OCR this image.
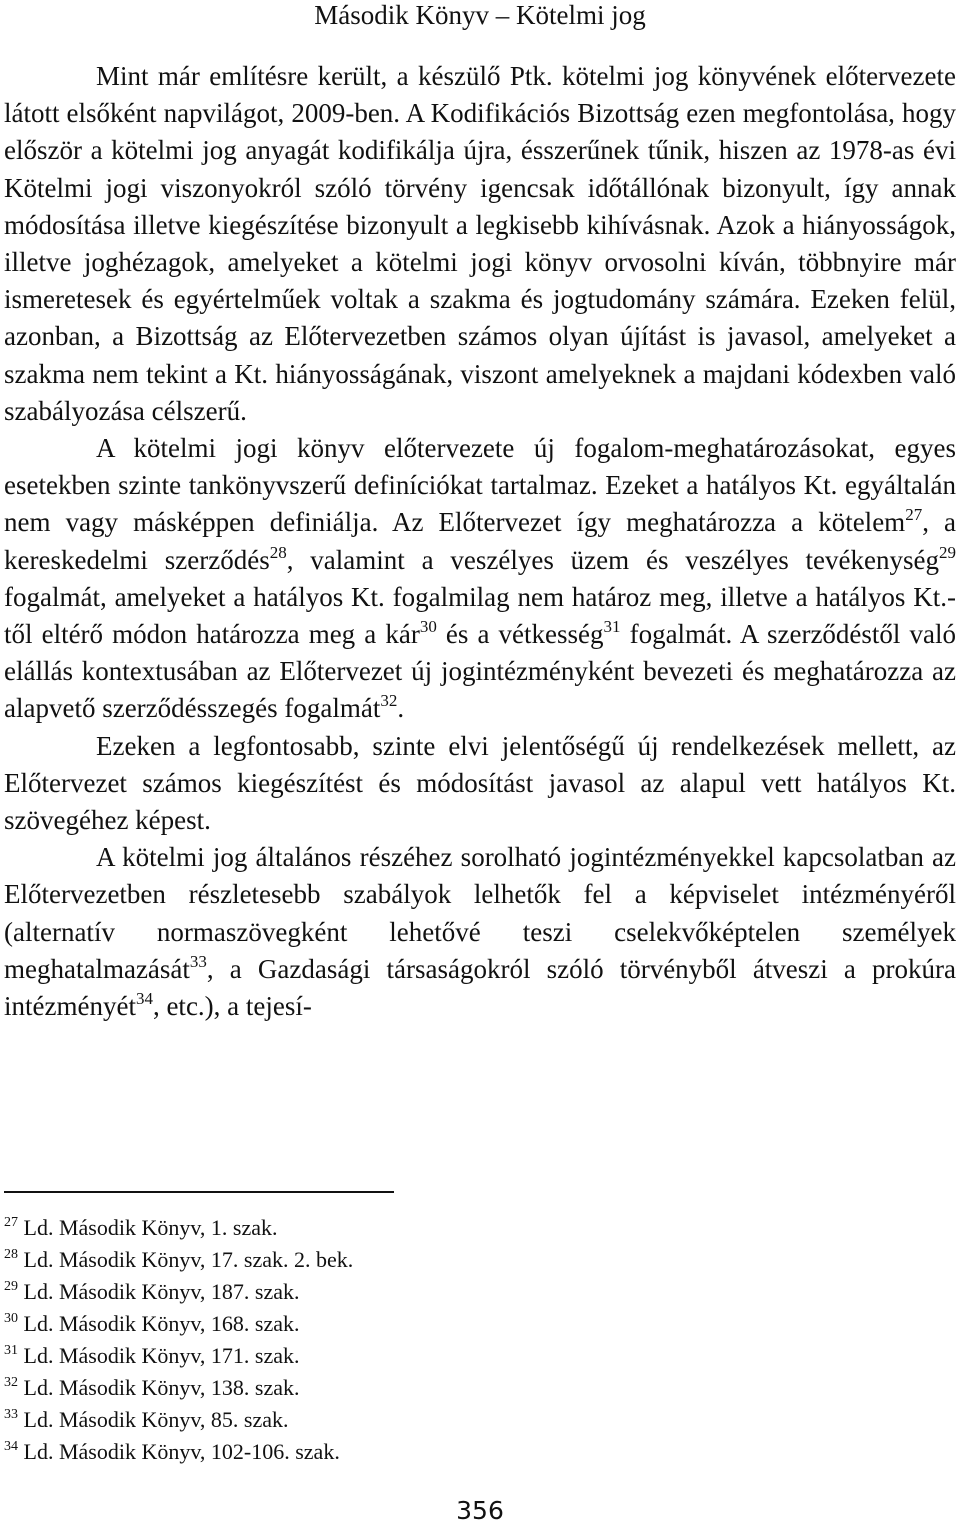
Második Könyv – Kötelmi jog

Mint már említésre került, a készülő Ptk. kötelmi jog könyvének előtervezete látott elsőként napvilágot, 2009-ben. A Kodifikációs Bizottság ezen megfontolása, hogy először a kötelmi jog anyagát kodifikálja újra, ésszerűnek tűnik, hiszen az 1978-as évi Kötelmi jogi viszonyokról szóló törvény igencsak időtállónak bizonyult, így annak módosítása illetve kiegészítése bizonyult a legkisebb kihívásnak. Azok a hiányosságok, illetve joghézagok, amelyeket a kötelmi jogi könyv orvosolni kíván, többnyire már ismeretesek és egyértelműek voltak a szakma és jogtudomány számára. Ezeken felül, azonban, a Bizottság az Előtervezetben számos olyan újítást is javasol, amelyeket a szakma nem tekint a Kt. hiányosságának, viszont amelyeknek a majdani kódexben való szabályozása célszerű.

A kötelmi jogi könyv előtervezete új fogalom-meghatározásokat, egyes esetekben szinte tankönyvszerű definíciókat tartalmaz. Ezeket a hatályos Kt. egyáltalán nem vagy másképpen definiálja. Az Előtervezet így meghatározza a kötelem$^{27}$, a kereskedelmi szerződés$^{28}$, valamint a veszélyes üzem és veszélyes tevékenység$^{29}$ fogalmát, amelyeket a hatályos Kt. fogalmilag nem határoz meg, illetve a hatályos Kt.-től eltérő módon határozza meg a kár$^{30}$ és a vétkesség$^{31}$ fogalmát. A szerződéstől való elállás kontextusában az Előtervezet új jogintézményként bevezeti és meghatározza az alapvető szerződésszegés fogalmát$^{32}$.

Ezeken a legfontosabb, szinte elvi jelentőségű új rendelkezések mellett, az Előtervezet számos kiegészítést és módosítást javasol az alapul vett hatályos Kt. szövegéhez képest.

A kötelmi jog általános részéhez sorolható jogintézményekkel kapcsolatban az Előtervezetben részletesebb szabályok lelhetők fel a képviselet intézményéről (alternatív normaszövegként lehetővé teszi cselekvőképtelen személyek meghatalmazását$^{33}$, a Gazdasági társaságokról szóló törvényből átveszi a prokúra intézményét$^{34}$, etc.), a tejesí-

$^{27}$ Ld. Második Könyv, 1. szak.
$^{28}$ Ld. Második Könyv, 17. szak. 2. bek.
$^{29}$ Ld. Második Könyv, 187. szak.
$^{30}$ Ld. Második Könyv, 168. szak.
$^{31}$ Ld. Második Könyv, 171. szak.
$^{32}$ Ld. Második Könyv, 138. szak.
$^{33}$ Ld. Második Könyv, 85. szak.
$^{34}$ Ld. Második Könyv, 102-106. szak.
356
